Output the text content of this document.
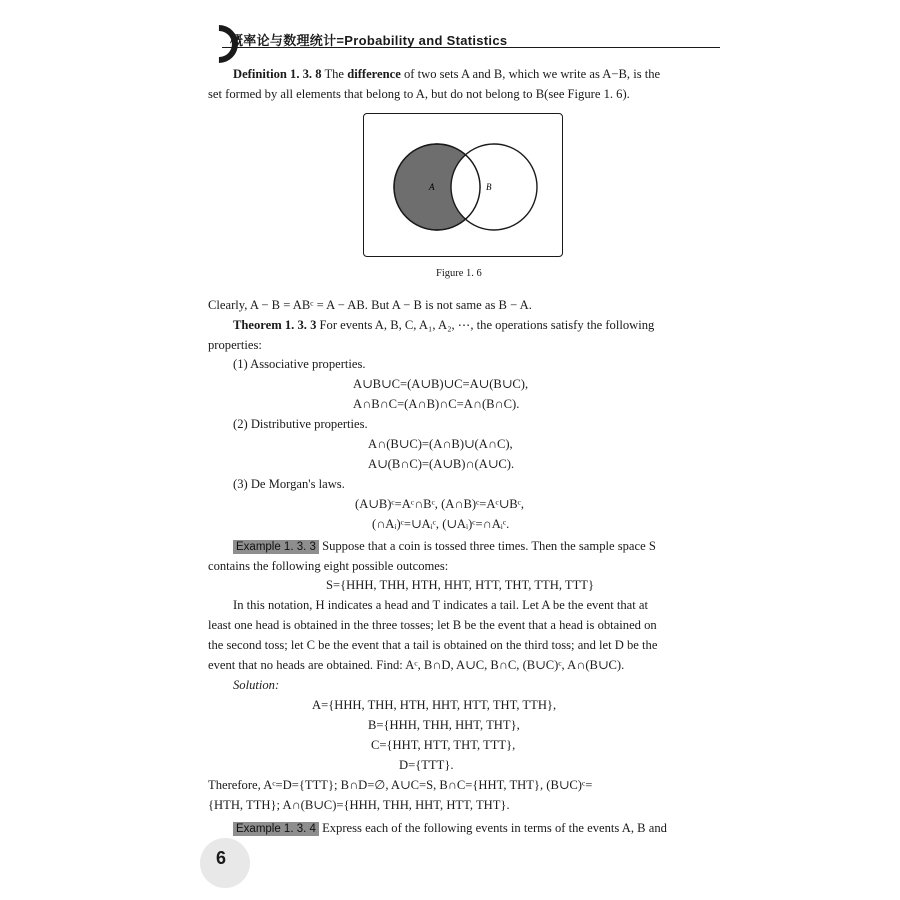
概率论与数理统计=Probability and Statistics
Definition 1. 3. 8 The difference of two sets A and B, which we write as A−B, is the
set formed by all elements that belong to A, but do not belong to B(see Figure 1. 6).
A	B
Figure 1. 6
Clearly, A − B = ABᶜ = A − AB. But A − B is not same as B − A.
Theorem 1. 3. 3 For events A, B, C, A₁, A₂, ⋯, the operations satisfy the following
properties:
(1) Associative properties.
A∪B∪C=(A∪B)∪C=A∪(B∪C),
A∩B∩C=(A∩B)∩C=A∩(B∩C).
(2) Distributive properties.
A∩(B∪C)=(A∩B)∪(A∩C),
A∪(B∩C)=(A∪B)∩(A∪C).
(3) De Morgan's laws.
(A∪B)ᶜ=Aᶜ∩Bᶜ, (A∩B)ᶜ=Aᶜ∪Bᶜ,
(∩Aᵢ)ᶜ=∪Aᵢᶜ, (∪Aᵢ)ᶜ=∩Aᵢᶜ.
Example 1. 3. 3 Suppose that a coin is tossed three times. Then the sample space S
contains the following eight possible outcomes:
S={HHH, THH, HTH, HHT, HTT, THT, TTH, TTT}
In this notation, H indicates a head and T indicates a tail. Let A be the event that at
least one head is obtained in the three tosses; let B be the event that a head is obtained on
the second toss; let C be the event that a tail is obtained on the third toss; and let D be the
event that no heads are obtained. Find: Aᶜ, B∩D, A∪C, B∩C, (B∪C)ᶜ, A∩(B∪C).
Solution:
A={HHH, THH, HTH, HHT, HTT, THT, TTH},
B={HHH, THH, HHT, THT},
C={HHT, HTT, THT, TTT},
D={TTT}.
Therefore, Aᶜ=D={TTT}; B∩D=∅, A∪C=S, B∩C={HHT, THT}, (B∪C)ᶜ=
{HTH, TTH}; A∩(B∪C)={HHH, THH, HHT, HTT, THT}.
Example 1. 3. 4 Express each of the following events in terms of the events A, B and
6
